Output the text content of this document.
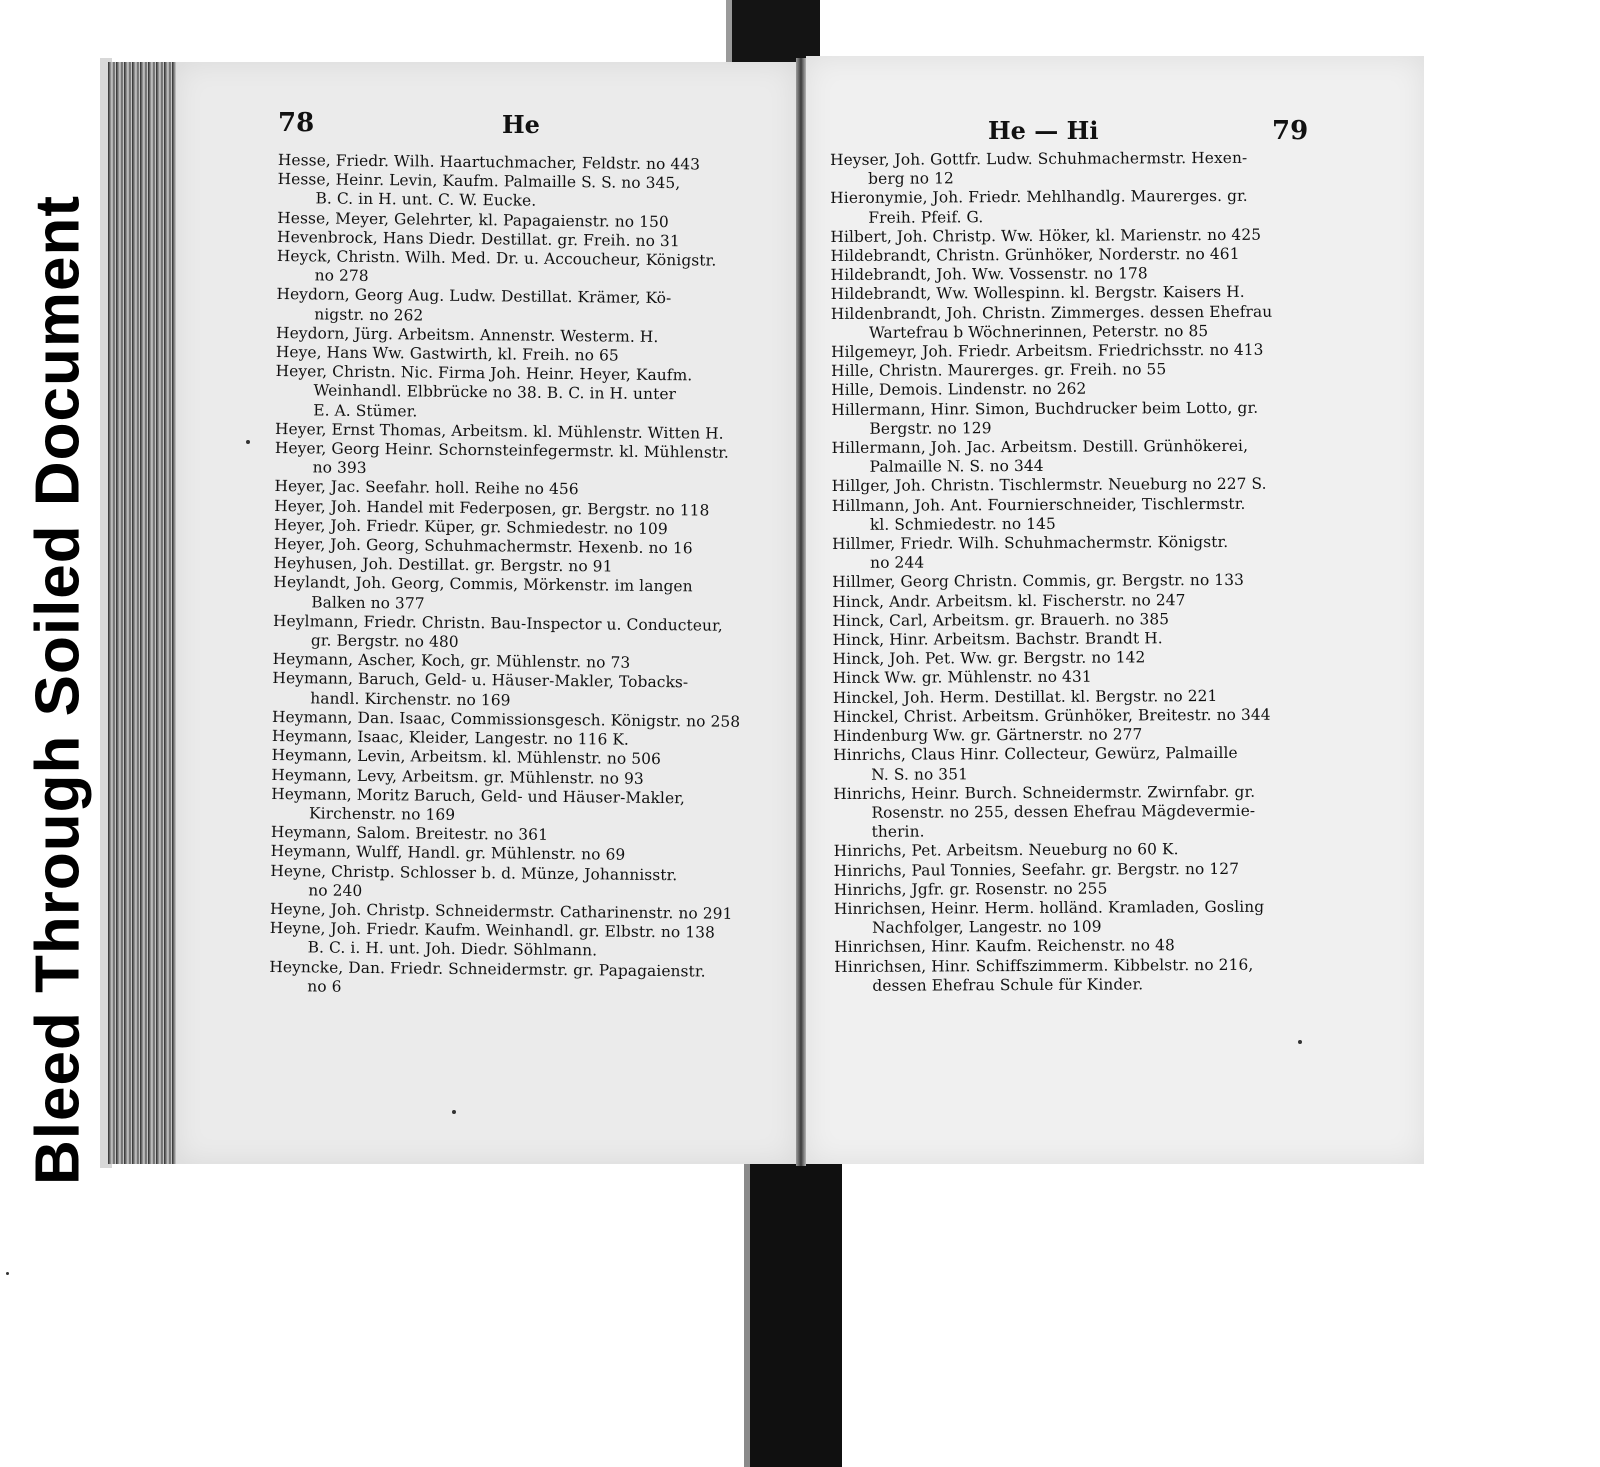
78	He	He — Hi	79
Hesse, Friedr. Wilh. Haartuchmacher, Feldstr. no 443
Hesse, Heinr. Levin, Kaufm. Palmaille S. S. no 345,
B. C. in H. unt. C. W. Eucke.
Hesse, Meyer, Gelehrter, kl. Papagaienstr. no 150
Hevenbrock, Hans Diedr. Destillat. gr. Freih. no 31
Heyck, Christn. Wilh. Med. Dr. u. Accoucheur, Königstr.
no 278
Heydorn, Georg Aug. Ludw. Destillat. Krämer, Kö-
nigstr. no 262
Heydorn, Jürg. Arbeitsm. Annenstr. Westerm. H.
Heye, Hans Ww. Gastwirth, kl. Freih. no 65
Heyer, Christn. Nic. Firma Joh. Heinr. Heyer, Kaufm.
Weinhandl. Elbbrücke no 38. B. C. in H. unter
E. A. Stümer.
Heyer, Ernst Thomas, Arbeitsm. kl. Mühlenstr. Witten H.
Heyer, Georg Heinr. Schornsteinfegermstr. kl. Mühlenstr.
no 393
Heyer, Jac. Seefahr. holl. Reihe no 456
Heyer, Joh. Handel mit Federposen, gr. Bergstr. no 118
Heyer, Joh. Friedr. Küper, gr. Schmiedestr. no 109
Heyer, Joh. Georg, Schuhmachermstr. Hexenb. no 16
Heyhusen, Joh. Destillat. gr. Bergstr. no 91
Heylandt, Joh. Georg, Commis, Mörkenstr. im langen
Balken no 377
Heylmann, Friedr. Christn. Bau-Inspector u. Conducteur,
gr. Bergstr. no 480
Heymann, Ascher, Koch, gr. Mühlenstr. no 73
Heymann, Baruch, Geld- u. Häuser-Makler, Tobacks-
handl. Kirchenstr. no 169
Heymann, Dan. Isaac, Commissionsgesch. Königstr. no 258
Heymann, Isaac, Kleider, Langestr. no 116 K.
Heymann, Levin, Arbeitsm. kl. Mühlenstr. no 506
Heymann, Levy, Arbeitsm. gr. Mühlenstr. no 93
Heymann, Moritz Baruch, Geld- und Häuser-Makler,
Kirchenstr. no 169
Heymann, Salom. Breitestr. no 361
Heymann, Wulff, Handl. gr. Mühlenstr. no 69
Heyne, Christp. Schlosser b. d. Münze, Johannisstr.
no 240
Heyne, Joh. Christp. Schneidermstr. Catharinenstr. no 291
Heyne, Joh. Friedr. Kaufm. Weinhandl. gr. Elbstr. no 138
B. C. i. H. unt. Joh. Diedr. Söhlmann.
Heyncke, Dan. Friedr. Schneidermstr. gr. Papagaienstr.
no 6
Heyser, Joh. Gottfr. Ludw. Schuhmachermstr. Hexen-
berg no 12
Hieronymie, Joh. Friedr. Mehlhandlg. Maurerges. gr.
Freih. Pfeif. G.
Hilbert, Joh. Christp. Ww. Höker, kl. Marienstr. no 425
Hildebrandt, Christn. Grünhöker, Norderstr. no 461
Hildebrandt, Joh. Ww. Vossenstr. no 178
Hildebrandt, Ww. Wollespinn. kl. Bergstr. Kaisers H.
Hildenbrandt, Joh. Christn. Zimmerges. dessen Ehefrau
Wartefrau b Wöchnerinnen, Peterstr. no 85
Hilgemeyr, Joh. Friedr. Arbeitsm. Friedrichsstr. no 413
Hille, Christn. Maurerges. gr. Freih. no 55
Hille, Demois. Lindenstr. no 262
Hillermann, Hinr. Simon, Buchdrucker beim Lotto, gr.
Bergstr. no 129
Hillermann, Joh. Jac. Arbeitsm. Destill. Grünhökerei,
Palmaille N. S. no 344
Hillger, Joh. Christn. Tischlermstr. Neueburg no 227 S.
Hillmann, Joh. Ant. Fournierschneider, Tischlermstr.
kl. Schmiedestr. no 145
Hillmer, Friedr. Wilh. Schuhmachermstr. Königstr.
no 244
Hillmer, Georg Christn. Commis, gr. Bergstr. no 133
Hinck, Andr. Arbeitsm. kl. Fischerstr. no 247
Hinck, Carl, Arbeitsm. gr. Brauerh. no 385
Hinck, Hinr. Arbeitsm. Bachstr. Brandt H.
Hinck, Joh. Pet. Ww. gr. Bergstr. no 142
Hinck Ww. gr. Mühlenstr. no 431
Hinckel, Joh. Herm. Destillat. kl. Bergstr. no 221
Hinckel, Christ. Arbeitsm. Grünhöker, Breitestr. no 344
Hindenburg Ww. gr. Gärtnerstr. no 277
Hinrichs, Claus Hinr. Collecteur, Gewürz, Palmaille
N. S. no 351
Hinrichs, Heinr. Burch. Schneidermstr. Zwirnfabr. gr.
Rosenstr. no 255, dessen Ehefrau Mägdevermie-
therin.
Hinrichs, Pet. Arbeitsm. Neueburg no 60 K.
Hinrichs, Paul Tonnies, Seefahr. gr. Bergstr. no 127
Hinrichs, Jgfr. gr. Rosenstr. no 255
Hinrichsen, Heinr. Herm. holländ. Kramladen, Gosling
Nachfolger, Langestr. no 109
Hinrichsen, Hinr. Kaufm. Reichenstr. no 48
Hinrichsen, Hinr. Schiffszimmerm. Kibbelstr. no 216,
dessen Ehefrau Schule für Kinder.
Bleed Through Soiled Document
